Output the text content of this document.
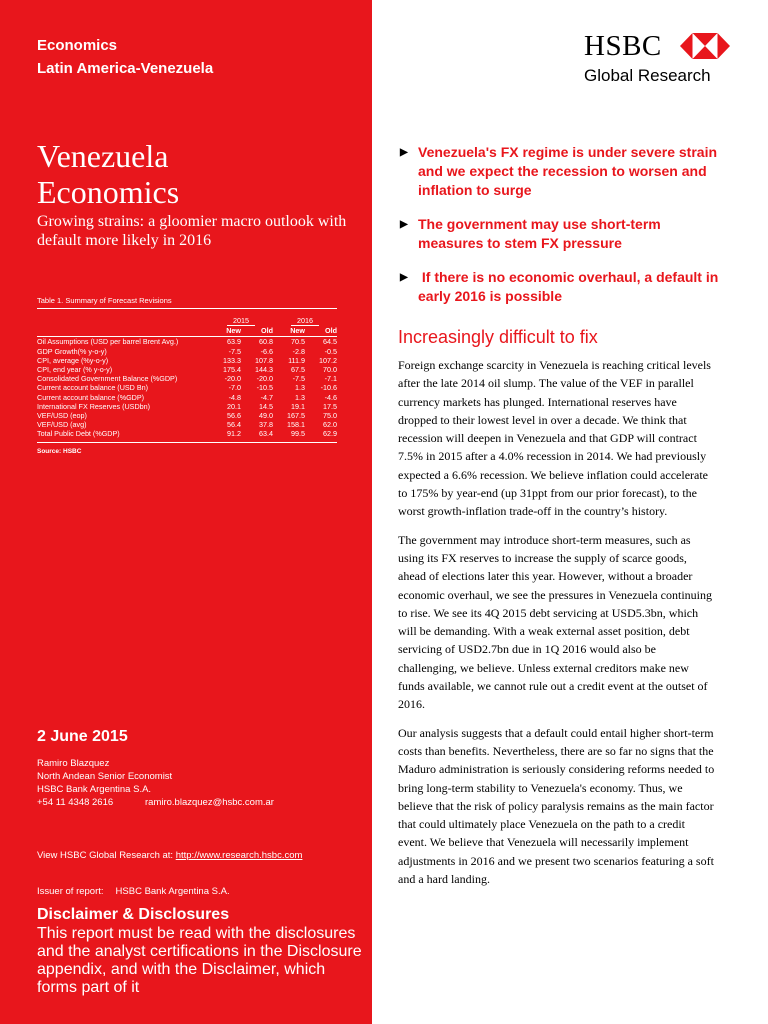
Economics
Latin America-Venezuela
Venezuela
Economics
Growing strains: a gloomier macro outlook with default more likely in 2016
Table 1. Summary of Forecast Revisions
	2015		2016	
	New	Old	New	Old
Oil Assumptions (USD per barrel Brent Avg.)	63.9	60.8	70.5	64.5
GDP Growth(% y-o-y)	-7.5	-6.6	-2.8	-0.5
CPI, average (%y-o-y)	133.3	107.8	111.9	107.2
CPI, end year (% y-o-y)	175.4	144.3	67.5	70.0
Consolidated Government Balance (%GDP)	-20.0	-20.0	-7.5	-7.1
Current account balance (USD Bn)	-7.0	-10.5	1.3	-10.6
Current account balance (%GDP)	-4.8	-4.7	1.3	-4.6
International FX Reserves (USDbn)	20.1	14.5	19.1	17.5
VEF/USD (eop)	56.6	49.0	167.5	75.0
VEF/USD (avg)	56.4	37.8	158.1	62.0
Total Public Debt (%GDP)	91.2	63.4	99.5	62.9
Source: HSBC
2 June 2015
Ramiro Blazquez
North Andean Senior Economist
HSBC Bank Argentina S.A.
+54 11 4348 2616	ramiro.blazquez@hsbc.com.ar
View HSBC Global Research at: http://www.research.hsbc.com
Issuer of report: HSBC Bank Argentina S.A.
Disclaimer & Disclosures
This report must be read with the disclosures and the analyst certifications in the Disclosure appendix, and with the Disclaimer, which forms part of it
HSBC
Global Research
▶ Venezuela's FX regime is under severe strain and we expect the recession to worsen and inflation to surge
▶ The government may use short-term measures to stem FX pressure
▶ If there is no economic overhaul, a default in early 2016 is possible
Increasingly difficult to fix

Foreign exchange scarcity in Venezuela is reaching critical levels after the late 2014 oil slump. The value of the VEF in parallel currency markets has plunged. International reserves have dropped to their lowest level in over a decade. We think that recession will deepen in Venezuela and that GDP will contract 7.5% in 2015 after a 4.0% recession in 2014. We had previously expected a 6.6% recession. We believe inflation could accelerate to 175% by year-end (up 31ppt from our prior forecast), to the worst growth-inflation trade-off in the country’s history.

The government may introduce short-term measures, such as using its FX reserves to increase the supply of scarce goods, ahead of elections later this year. However, without a broader economic overhaul, we see the pressures in Venezuela continuing to rise. We see its 4Q 2015 debt servicing at USD5.3bn, which will be demanding. With a weak external asset position, debt servicing of USD2.7bn due in 1Q 2016 would also be challenging, we believe. Unless external creditors make new funds available, we cannot rule out a credit event at the outset of 2016.

Our analysis suggests that a default could entail higher short-term costs than benefits. Nevertheless, there are so far no signs that the Maduro administration is seriously considering reforms needed to bring long-term stability to Venezuela's economy. Thus, we believe that the risk of policy paralysis remains as the main factor that could ultimately place Venezuela on the path to a credit event. We believe that Venezuela will necessarily implement adjustments in 2016 and we present two scenarios featuring a soft and a hard landing.
